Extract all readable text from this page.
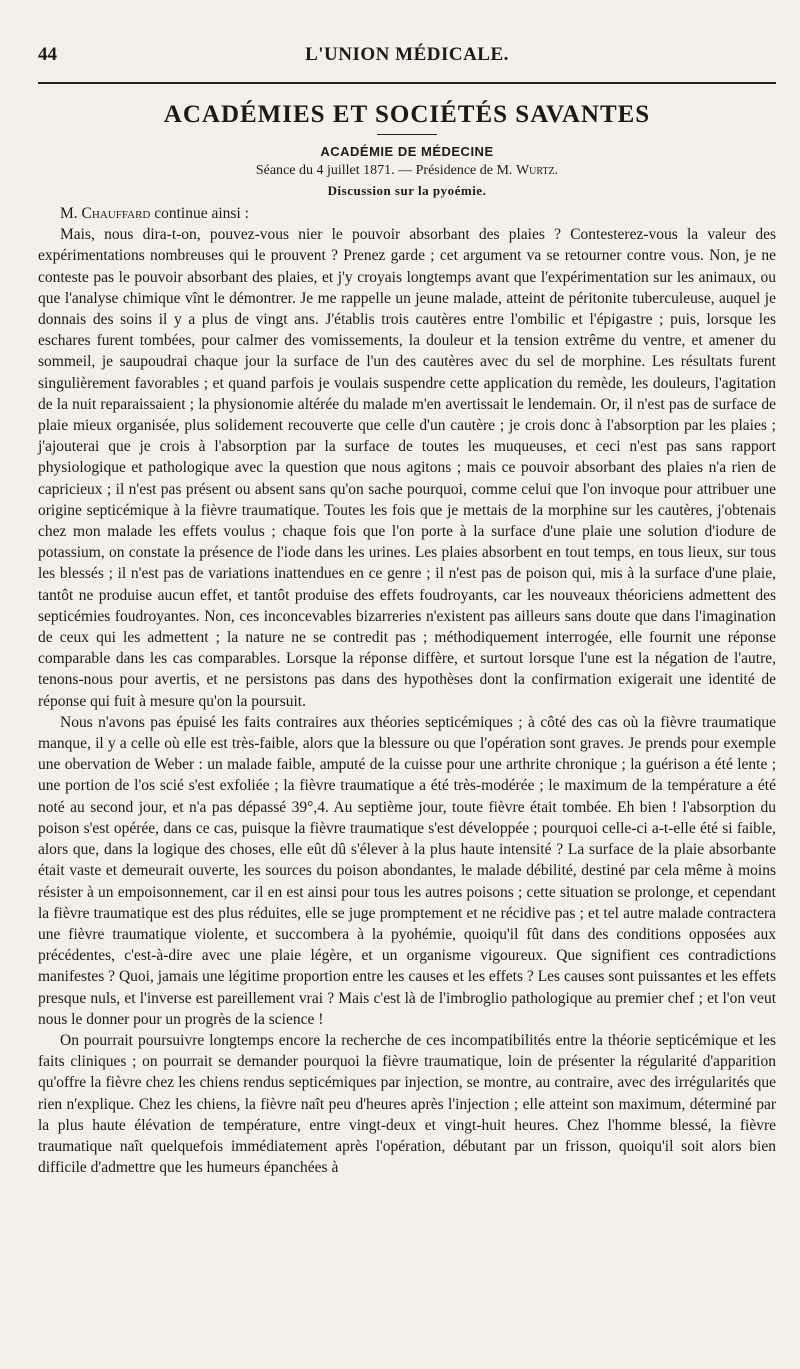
44	L'UNION MÉDICALE.
ACADÉMIES ET SOCIÉTÉS SAVANTES
ACADÉMIE DE MÉDECINE
Séance du 4 juillet 1871. — Présidence de M. Wurtz.
Discussion sur la pyoémie.

M. Chauffard continue ainsi :

Mais, nous dira-t-on, pouvez-vous nier le pouvoir absorbant des plaies ? Contesterez-vous la valeur des expérimentations nombreuses qui le prouvent ? Prenez garde ; cet argument va se retourner contre vous. Non, je ne conteste pas le pouvoir absorbant des plaies, et j'y croyais longtemps avant que l'expérimentation sur les animaux, ou que l'analyse chimique vînt le démontrer. Je me rappelle un jeune malade, atteint de péritonite tuberculeuse, auquel je donnais des soins il y a plus de vingt ans. J'établis trois cautères entre l'ombilic et l'épigastre ; puis, lorsque les eschares furent tombées, pour calmer des vomissements, la douleur et la tension extrême du ventre, et amener du sommeil, je saupoudrai chaque jour la surface de l'un des cautères avec du sel de morphine. Les résultats furent singulièrement favorables ; et quand parfois je voulais suspendre cette application du remède, les douleurs, l'agitation de la nuit reparaissaient ; la physionomie altérée du malade m'en avertissait le lendemain. Or, il n'est pas de surface de plaie mieux organisée, plus solidement recouverte que celle d'un cautère ; je crois donc à l'absorption par les plaies ; j'ajouterai que je crois à l'absorption par la surface de toutes les muqueuses, et ceci n'est pas sans rapport physiologique et pathologique avec la question que nous agitons ; mais ce pouvoir absorbant des plaies n'a rien de capricieux ; il n'est pas présent ou absent sans qu'on sache pourquoi, comme celui que l'on invoque pour attribuer une origine septicémique à la fièvre traumatique. Toutes les fois que je mettais de la morphine sur les cautères, j'obtenais chez mon malade les effets voulus ; chaque fois que l'on porte à la surface d'une plaie une solution d'iodure de potassium, on constate la présence de l'iode dans les urines. Les plaies absorbent en tout temps, en tous lieux, sur tous les blessés ; il n'est pas de variations inattendues en ce genre ; il n'est pas de poison qui, mis à la surface d'une plaie, tantôt ne produise aucun effet, et tantôt produise des effets foudroyants, car les nouveaux théoriciens admettent des septicémies foudroyantes. Non, ces inconcevables bizarreries n'existent pas ailleurs sans doute que dans l'imagination de ceux qui les admettent ; la nature ne se contredit pas ; méthodiquement interrogée, elle fournit une réponse comparable dans les cas comparables. Lorsque la réponse diffère, et surtout lorsque l'une est la négation de l'autre, tenons-nous pour avertis, et ne persistons pas dans des hypothèses dont la confirmation exigerait une identité de réponse qui fuit à mesure qu'on la poursuit.

Nous n'avons pas épuisé les faits contraires aux théories septicémiques ; à côté des cas où la fièvre traumatique manque, il y a celle où elle est très-faible, alors que la blessure ou que l'opération sont graves. Je prends pour exemple une obervation de Weber : un malade faible, amputé de la cuisse pour une arthrite chronique ; la guérison a été lente ; une portion de l'os scié s'est exfoliée ; la fièvre traumatique a été très-modérée ; le maximum de la température a été noté au second jour, et n'a pas dépassé 39°,4. Au septième jour, toute fièvre était tombée. Eh bien ! l'absorption du poison s'est opérée, dans ce cas, puisque la fièvre traumatique s'est développée ; pourquoi celle-ci a-t-elle été si faible, alors que, dans la logique des choses, elle eût dû s'élever à la plus haute intensité ? La surface de la plaie absorbante était vaste et demeurait ouverte, les sources du poison abondantes, le malade débilité, destiné par cela même à moins résister à un empoisonnement, car il en est ainsi pour tous les autres poisons ; cette situation se prolonge, et cependant la fièvre traumatique est des plus réduites, elle se juge promptement et ne récidive pas ; et tel autre malade contractera une fièvre traumatique violente, et succombera à la pyohémie, quoiqu'il fût dans des conditions opposées aux précédentes, c'est-à-dire avec une plaie légère, et un organisme vigoureux. Que signifient ces contradictions manifestes ? Quoi, jamais une légitime proportion entre les causes et les effets ? Les causes sont puissantes et les effets presque nuls, et l'inverse est pareillement vrai ? Mais c'est là de l'imbroglio pathologique au premier chef ; et l'on veut nous le donner pour un progrès de la science !

On pourrait poursuivre longtemps encore la recherche de ces incompatibilités entre la théorie septicémique et les faits cliniques ; on pourrait se demander pourquoi la fièvre traumatique, loin de présenter la régularité d'apparition qu'offre la fièvre chez les chiens rendus septicémiques par injection, se montre, au contraire, avec des irrégularités que rien n'explique. Chez les chiens, la fièvre naît peu d'heures après l'injection ; elle atteint son maximum, déterminé par la plus haute élévation de température, entre vingt-deux et vingt-huit heures. Chez l'homme blessé, la fièvre traumatique naît quelquefois immédiatement après l'opération, débutant par un frisson, quoiqu'il soit alors bien difficile d'admettre que les humeurs épanchées à
